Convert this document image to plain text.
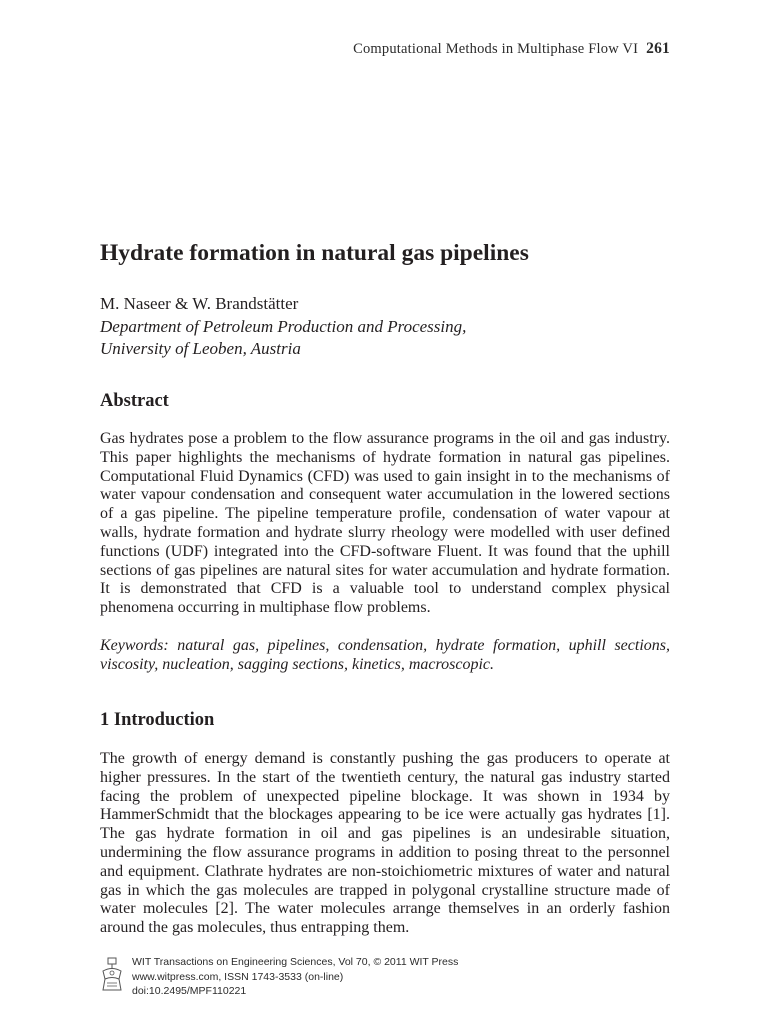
Computational Methods in Multiphase Flow VI 261
Hydrate formation in natural gas pipelines

M. Naseer & W. Brandstätter

Department of Petroleum Production and Processing,
University of Leoben, Austria
Abstract

Gas hydrates pose a problem to the flow assurance programs in the oil and gas industry. This paper highlights the mechanisms of hydrate formation in natural gas pipelines. Computational Fluid Dynamics (CFD) was used to gain insight in to the mechanisms of water vapour condensation and consequent water accumulation in the lowered sections of a gas pipeline. The pipeline temperature profile, condensation of water vapour at walls, hydrate formation and hydrate slurry rheology were modelled with user defined functions (UDF) integrated into the CFD-software Fluent. It was found that the uphill sections of gas pipelines are natural sites for water accumulation and hydrate formation. It is demonstrated that CFD is a valuable tool to understand complex physical phenomena occurring in multiphase flow problems.

Keywords: natural gas, pipelines, condensation, hydrate formation, uphill sections, viscosity, nucleation, sagging sections, kinetics, macroscopic.
1 Introduction

The growth of energy demand is constantly pushing the gas producers to operate at higher pressures. In the start of the twentieth century, the natural gas industry started facing the problem of unexpected pipeline blockage. It was shown in 1934 by HammerSchmidt that the blockages appearing to be ice were actually gas hydrates [1]. The gas hydrate formation in oil and gas pipelines is an undesirable situation, undermining the flow assurance programs in addition to posing threat to the personnel and equipment. Clathrate hydrates are non-stoichiometric mixtures of water and natural gas in which the gas molecules are trapped in polygonal crystalline structure made of water molecules [2]. The water molecules arrange themselves in an orderly fashion around the gas molecules, thus entrapping them.

WIT Transactions on Engineering Sciences, Vol 70, © 2011 WIT Press
www.witpress.com, ISSN 1743-3533 (on-line)
doi:10.2495/MPF110221
